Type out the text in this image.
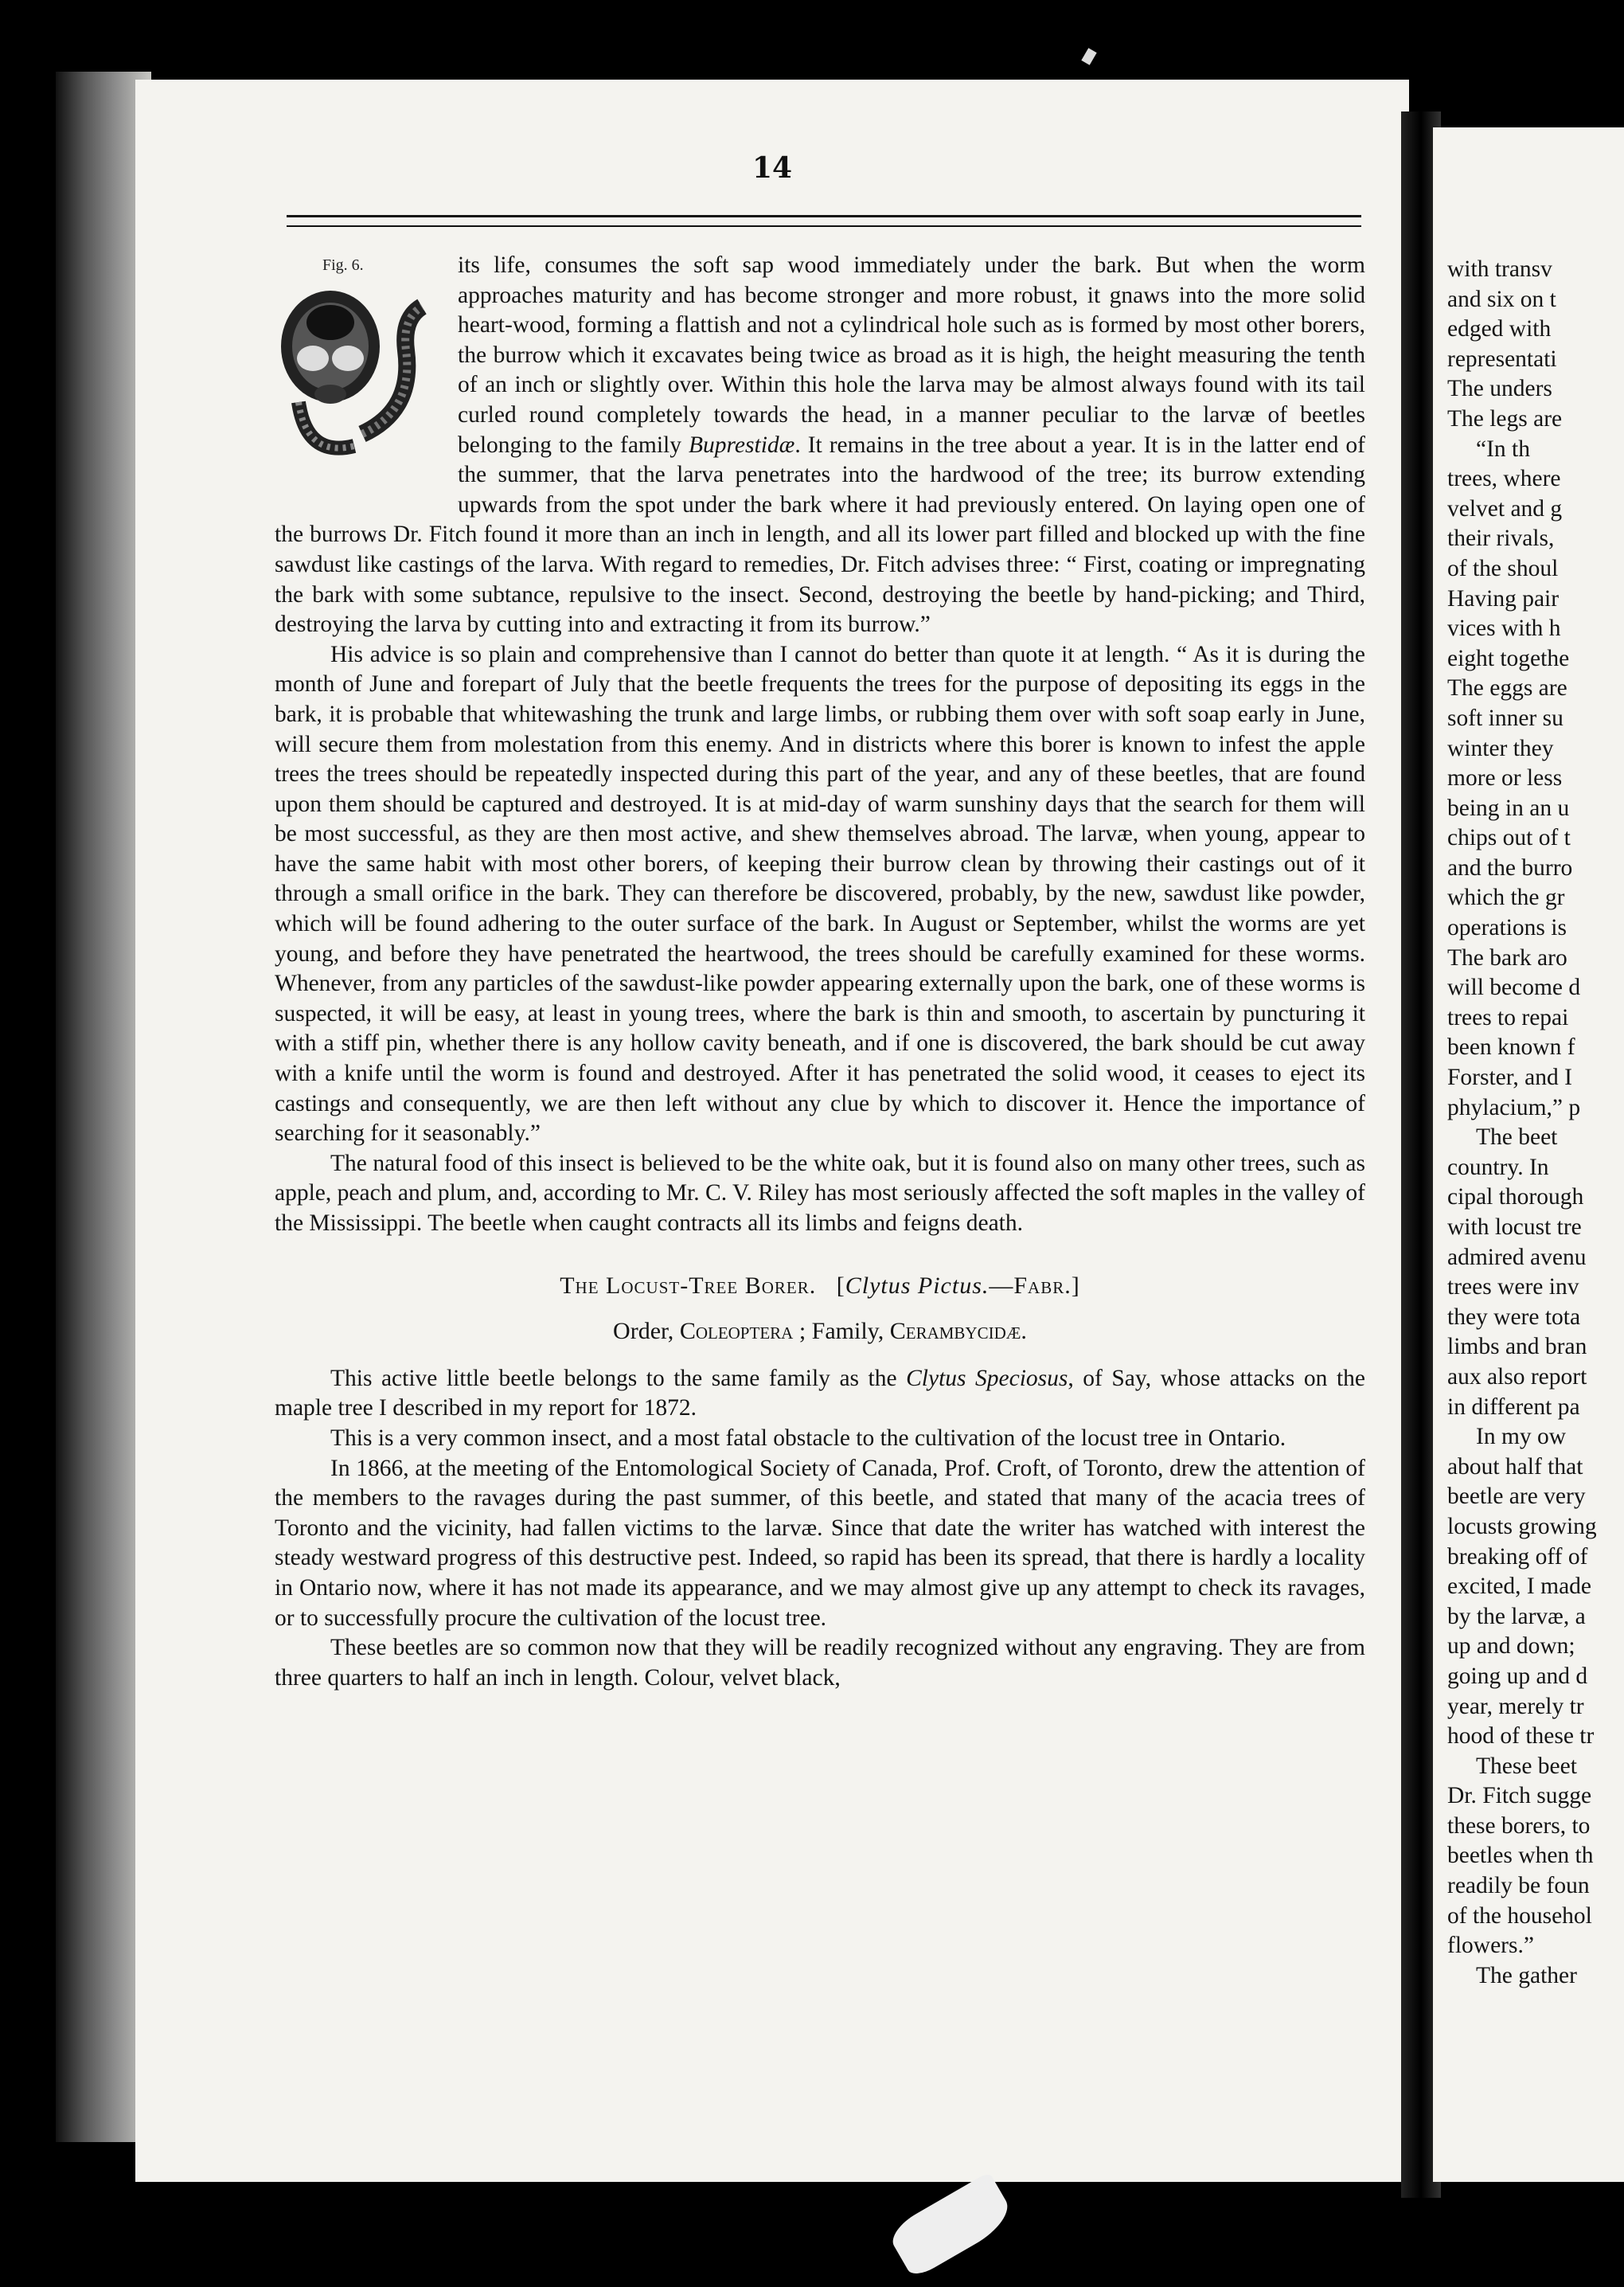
14

Fig. 6.	its life, consumes the soft sap wood immediately under the bark. But when the worm approaches maturity and has become stronger and more robust, it gnaws into the more solid heart-wood, forming a flattish and not a cylindrical hole such as is formed by most other borers, the burrow which it excavates being twice as broad as it is high, the height measuring the tenth of an inch or slightly over. Within this hole the larva may be almost always found with its tail curled round completely towards the head, in a manner peculiar to the larvæ of beetles belonging to the family Buprestidæ. It remains in the tree about a year. It is in the latter end of the summer, that the larva penetrates into the hardwood of the tree; its burrow extending upwards from the spot under the bark where it had previously entered. On laying open one of the burrows Dr. Fitch found it more than an inch in length, and all its lower part filled and blocked up with the fine sawdust like castings of the larva. With regard to remedies, Dr. Fitch advises three: “ First, coating or impregnating the bark with some subtance, repulsive to the insect. Second, destroying the beetle by hand-picking; and Third, destroying the larva by cutting into and extracting it from its burrow.”

His advice is so plain and comprehensive than I cannot do better than quote it at length. “ As it is during the month of June and forepart of July that the beetle frequents the trees for the purpose of depositing its eggs in the bark, it is probable that whitewashing the trunk and large limbs, or rubbing them over with soft soap early in June, will secure them from molestation from this enemy. And in districts where this borer is known to infest the apple trees the trees should be repeatedly inspected during this part of the year, and any of these beetles, that are found upon them should be captured and destroyed. It is at mid-day of warm sunshiny days that the search for them will be most successful, as they are then most active, and shew themselves abroad. The larvæ, when young, appear to have the same habit with most other borers, of keeping their burrow clean by throwing their castings out of it through a small orifice in the bark. They can therefore be discovered, probably, by the new, sawdust like powder, which will be found adhering to the outer surface of the bark. In August or September, whilst the worms are yet young, and before they have penetrated the heartwood, the trees should be carefully examined for these worms. Whenever, from any particles of the sawdust-like powder appearing externally upon the bark, one of these worms is suspected, it will be easy, at least in young trees, where the bark is thin and smooth, to ascertain by puncturing it with a stiff pin, whether there is any hollow cavity beneath, and if one is discovered, the bark should be cut away with a knife until the worm is found and destroyed. After it has penetrated the solid wood, it ceases to eject its castings and consequently, we are then left without any clue by which to discover it. Hence the importance of searching for it seasonably.”

The natural food of this insect is believed to be the white oak, but it is found also on many other trees, such as apple, peach and plum, and, according to Mr. C. V. Riley has most seriously affected the soft maples in the valley of the Mississippi. The beetle when caught contracts all its limbs and feigns death.

The Locust-Tree Borer.   [Clytus Pictus.—Fabr.]
Order, Coleoptera ; Family, Cerambycidæ.

This active little beetle belongs to the same family as the Clytus Speciosus, of Say, whose attacks on the maple tree I described in my report for 1872.

This is a very common insect, and a most fatal obstacle to the cultivation of the locust tree in Ontario.

In 1866, at the meeting of the Entomological Society of Canada, Prof. Croft, of Toronto, drew the attention of the members to the ravages during the past summer, of this beetle, and stated that many of the acacia trees of Toronto and the vicinity, had fallen victims to the larvæ. Since that date the writer has watched with interest the steady westward progress of this destructive pest. Indeed, so rapid has been its spread, that there is hardly a locality in Ontario now, where it has not made its appearance, and we may almost give up any attempt to check its ravages, or to successfully procure the cultivation of the locust tree.

These beetles are so common now that they will be readily recognized without any engraving. They are from three quarters to half an inch in length. Colour, velvet black,

with transv
and six on t
edged with
representati
The unders
The legs are
“In th
trees, where
velvet and g
their rivals,
of the shoul
Having pair
vices with h
eight togethe
The eggs are
soft inner su
winter they
more or less
being in an u
chips out of t
and the burro
which the gr
operations is
The bark aro
will become d
trees to repai
been known f
Forster, and I
phylacium,” p
The beet
country. In
cipal thorough
with locust tre
admired avenu
trees were inv
they were tota
limbs and bran
aux also report
in different pa
In my ow
about half that
beetle are very
locusts growing
breaking off of
excited, I made
by the larvæ, a
up and down;
going up and d
year, merely tr
hood of these tr
These beet
Dr. Fitch sugge
these borers, to
beetles when th
readily be foun
of the househol
flowers.”
The gather
